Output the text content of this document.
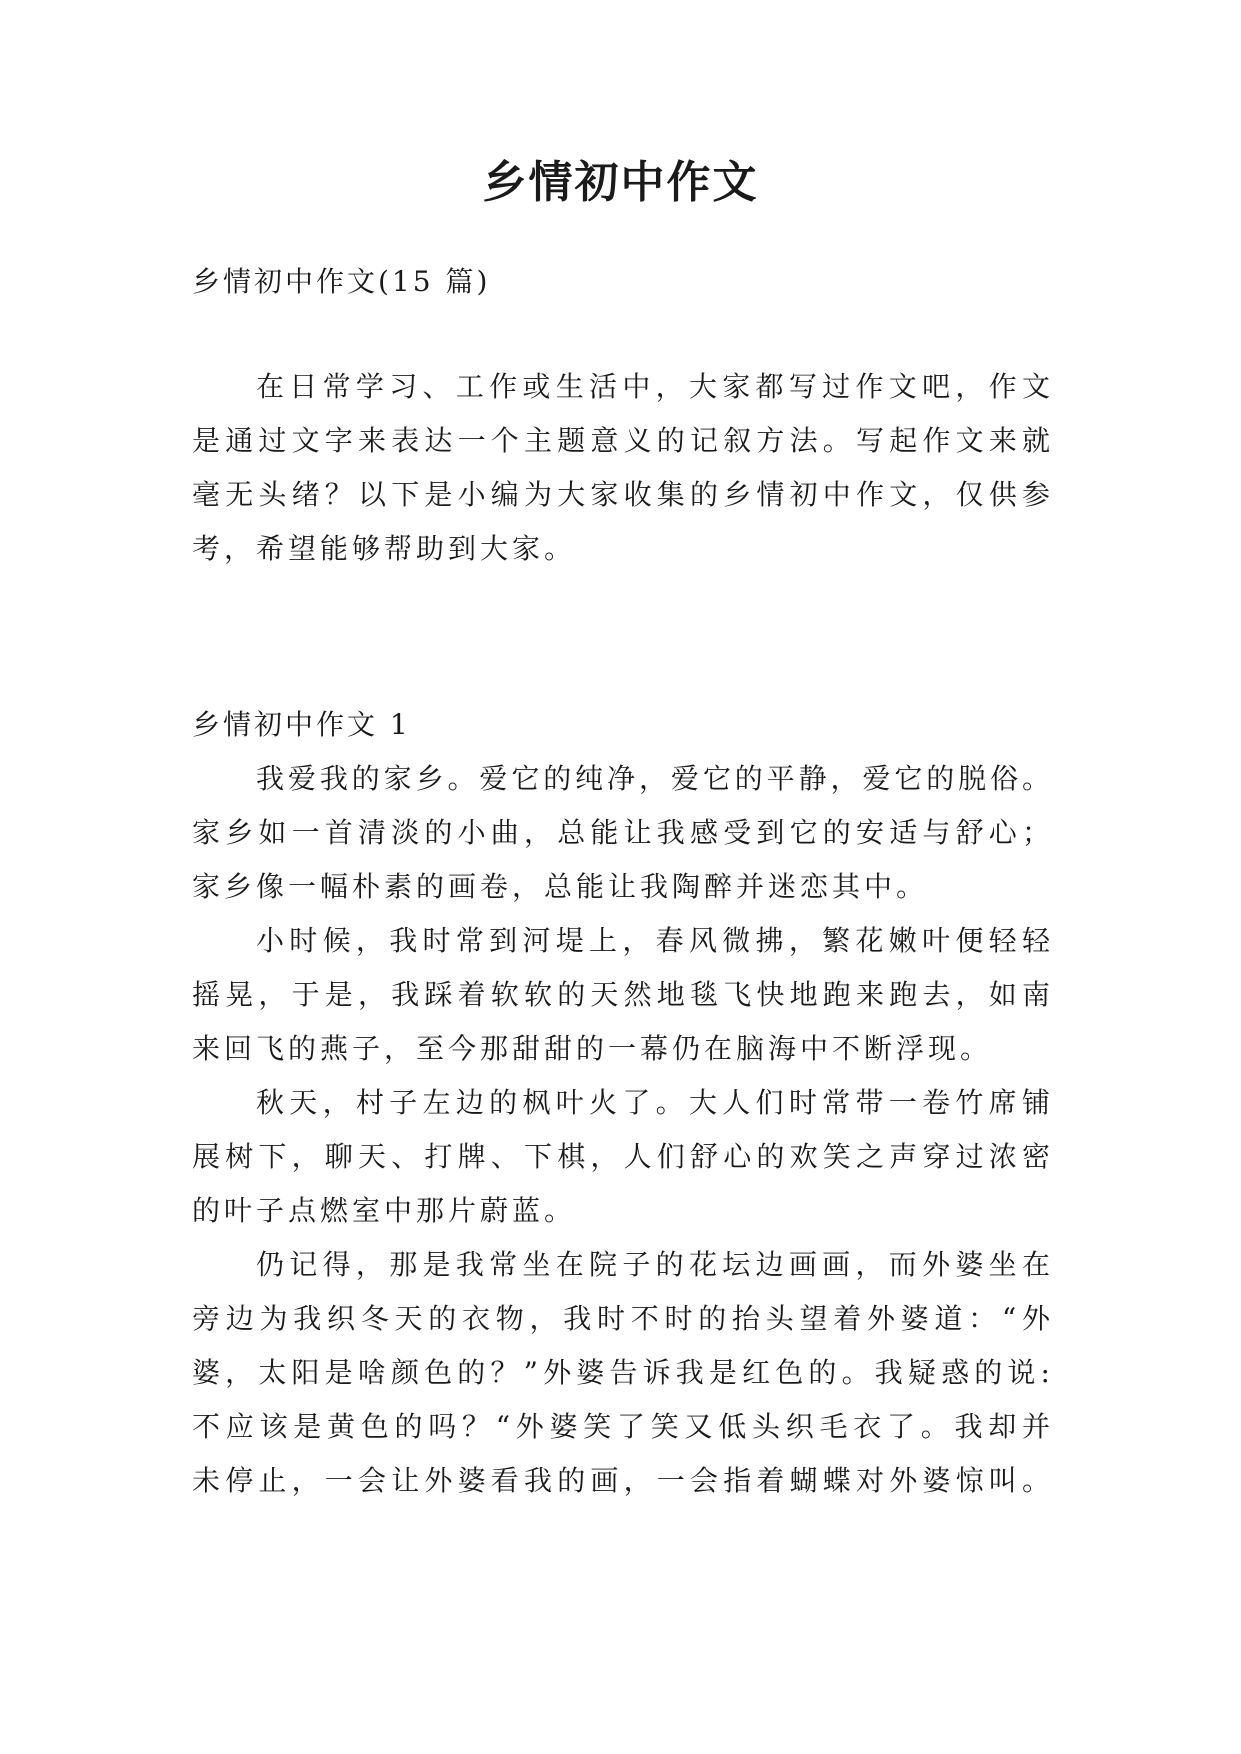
乡情初中作文
乡情初中作文(15 篇)
在日常学习、工作或生活中，大家都写过作文吧，作文
是通过文字来表达一个主题意义的记叙方法。写起作文来就
毫无头绪？以下是小编为大家收集的乡情初中作文，仅供参
考，希望能够帮助到大家。
乡情初中作文 1
我爱我的家乡。爱它的纯净，爱它的平静，爱它的脱俗。
家乡如一首清淡的小曲，总能让我感受到它的安适与舒心；
家乡像一幅朴素的画卷，总能让我陶醉并迷恋其中。
小时候，我时常到河堤上，春风微拂，繁花嫩叶便轻轻
摇晃，于是，我踩着软软的天然地毯飞快地跑来跑去，如南
来回飞的燕子，至今那甜甜的一幕仍在脑海中不断浮现。
秋天，村子左边的枫叶火了。大人们时常带一卷竹席铺
展树下，聊天、打牌、下棋，人们舒心的欢笑之声穿过浓密
的叶子点燃室中那片蔚蓝。
仍记得，那是我常坐在院子的花坛边画画，而外婆坐在
旁边为我织冬天的衣物，我时不时的抬头望着外婆道：“外
婆，太阳是啥颜色的？”外婆告诉我是红色的。我疑惑的说:
不应该是黄色的吗？“外婆笑了笑又低头织毛衣了。我却并
未停止，一会让外婆看我的画，一会指着蝴蝶对外婆惊叫。
